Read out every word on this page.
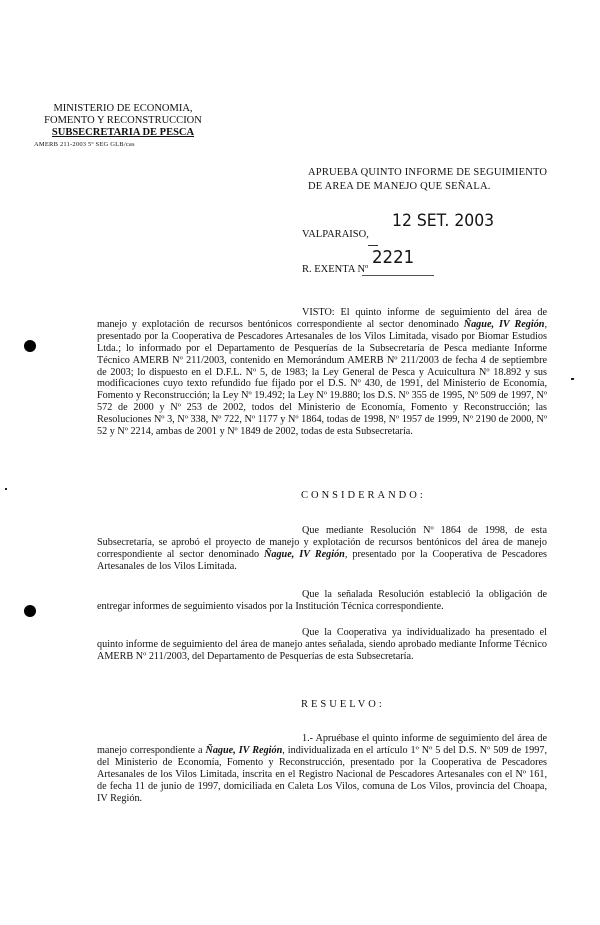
MINISTERIO DE ECONOMIA,
FOMENTO Y RECONSTRUCCION
SUBSECRETARIA DE PESCA
AMERB 211-2003 5º SEG GLB/cas
APRUEBA QUINTO INFORME DE SEGUIMIENTO
DE AREA DE MANEJO QUE SEÑALA.
VALPARAISO,
12 SET. 2003
R. EXENTA Nº
2221
VISTO: El quinto informe de seguimiento del área de manejo y explotación de recursos bentónicos correspondiente al sector denominado Ñague, IV Región, presentado por la Cooperativa de Pescadores Artesanales de los Vilos Limitada, visado por Biomar Estudios Ltda.; lo informado por el Departamento de Pesquerías de la Subsecretaría de Pesca mediante Informe Técnico AMERB Nº 211/2003, contenido en Memorándum AMERB Nº 211/2003 de fecha 4 de septiembre de 2003; lo dispuesto en el D.F.L. Nº 5, de 1983; la Ley General de Pesca y Acuicultura Nº 18.892 y sus modificaciones cuyo texto refundido fue fijado por el D.S. Nº 430, de 1991, del Ministerio de Economía, Fomento y Reconstrucción; la Ley Nº 19.492; la Ley Nº 19.880; los D.S. Nº 355 de 1995, Nº 509 de 1997, Nº 572 de 2000 y Nº 253 de 2002, todos del Ministerio de Economía, Fomento y Reconstrucción; las Resoluciones Nº 3, Nº 338, Nº 722, Nº 1177 y Nº 1864, todas de 1998, Nº 1957 de 1999, Nº 2190 de 2000, Nº 52 y Nº 2214, ambas de 2001 y Nº 1849 de 2002, todas de esta Subsecretaría.
CONSIDERANDO:
Que mediante Resolución Nº 1864 de 1998, de esta Subsecretaría, se aprobó el proyecto de manejo y explotación de recursos bentónicos del área de manejo correspondiente al sector denominado Ñague, IV Región, presentado por la Cooperativa de Pescadores Artesanales de los Vilos Limitada.
Que la señalada Resolución estableció la obligación de entregar informes de seguimiento visados por la Institución Técnica correspondiente.
Que la Cooperativa ya individualizado ha presentado el quinto informe de seguimiento del área de manejo antes señalada, siendo aprobado mediante Informe Técnico AMERB Nº 211/2003, del Departamento de Pesquerías de esta Subsecretaría.
RESUELVO:
1.- Apruébase el quinto informe de seguimiento del área de manejo correspondiente a Ñague, IV Región, individualizada en el artículo 1º Nº 5 del D.S. Nº 509 de 1997, del Ministerio de Economía, Fomento y Reconstrucción, presentado por la Cooperativa de Pescadores Artesanales de los Vilos Limitada, inscrita en el Registro Nacional de Pescadores Artesanales con el Nº 161, de fecha 11 de junio de 1997, domiciliada en Caleta Los Vilos, comuna de Los Vilos, provincia del Choapa, IV Región.
